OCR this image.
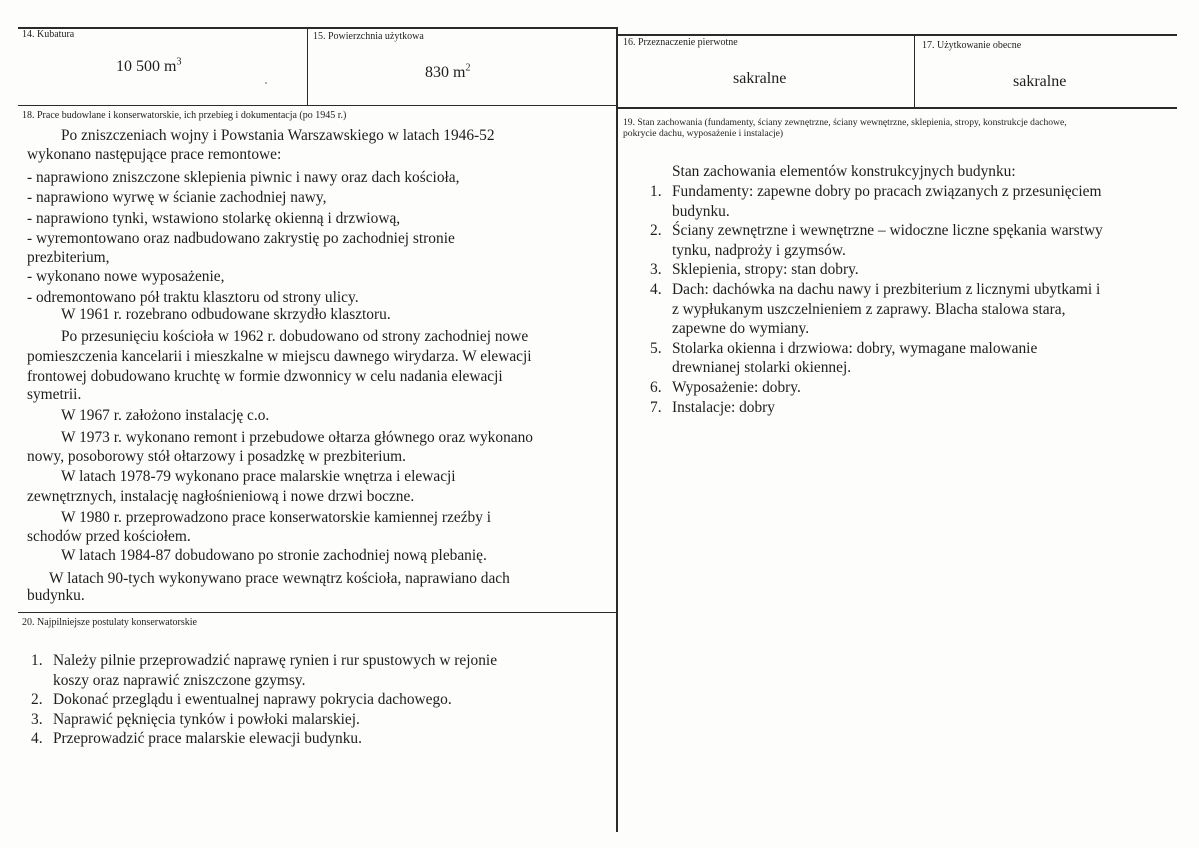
14. Kubatura
10 500 $m^3$
15. Powierzchnia użytkowa
830 $m^2$
16. Przeznaczenie pierwotne
sakralne
17. Użytkowanie obecne
sakralne
18. Prace budowlane i konserwatorskie, ich przebieg i dokumentacja (po 1945 r.)
Po zniszczeniach wojny i Powstania Warszawskiego w latach 1946-52
wykonano następujące prace remontowe:
- naprawiono zniszczone sklepienia piwnic i nawy oraz dach kościoła,
- naprawiono wyrwę w ścianie zachodniej nawy,
- naprawiono tynki, wstawiono stolarkę okienną i drzwiową,
- wyremontowano oraz nadbudowano zakrystię po zachodniej stronie
prezbiterium,
- wykonano nowe wyposażenie,
- odremontowano pół traktu klasztoru od strony ulicy.
W 1961 r. rozebrano odbudowane skrzydło klasztoru.
Po przesunięciu kościoła w 1962 r. dobudowano od strony zachodniej nowe
pomieszczenia kancelarii i mieszkalne w miejscu dawnego wirydarza. W elewacji
frontowej dobudowano kruchtę w formie dzwonnicy w celu nadania elewacji
symetrii.
W 1967 r. założono instalację c.o.
W 1973 r. wykonano remont i przebudowe ołtarza głównego oraz wykonano
nowy, posoborowy stół ołtarzowy i posadzkę w prezbiterium.
W latach 1978-79 wykonano prace malarskie wnętrza i elewacji
zewnętrznych, instalację nagłośnieniową i nowe drzwi boczne.
W 1980 r. przeprowadzono prace konserwatorskie kamiennej rzeźby i
schodów przed kościołem.
W latach 1984-87 dobudowano po stronie zachodniej nową plebanię.
W latach 90-tych wykonywano prace wewnątrz kościoła, naprawiano dach
budynku.
19. Stan zachowania (fundamenty, ściany zewnętrzne, ściany wewnętrzne, sklepienia, stropy, konstrukcje dachowe,
pokrycie dachu, wyposażenie i instalacje)
Stan zachowania elementów konstrukcyjnych budynku:
1. Fundamenty: zapewne dobry po pracach związanych z przesunięciem
budynku.
2. Ściany zewnętrzne i wewnętrzne – widoczne liczne spękania warstwy
tynku, nadproży i gzymsów.
3. Sklepienia, stropy: stan dobry.
4. Dach: dachówka na dachu nawy i prezbiterium z licznymi ubytkami i
z wypłukanym uszczelnieniem z zaprawy. Blacha stalowa stara,
zapewne do wymiany.
5. Stolarka okienna i drzwiowa: dobry, wymagane malowanie
drewnianej stolarki okiennej.
6. Wyposażenie: dobry.
7. Instalacje: dobry
20. Najpilniejsze postulaty konserwatorskie
1. Należy pilnie przeprowadzić naprawę rynien i rur spustowych w rejonie
koszy oraz naprawić zniszczone gzymsy.
2. Dokonać przeglądu i ewentualnej naprawy pokrycia dachowego.
3. Naprawić pęknięcia tynków i powłoki malarskiej.
4. Przeprowadzić prace malarskie elewacji budynku.
